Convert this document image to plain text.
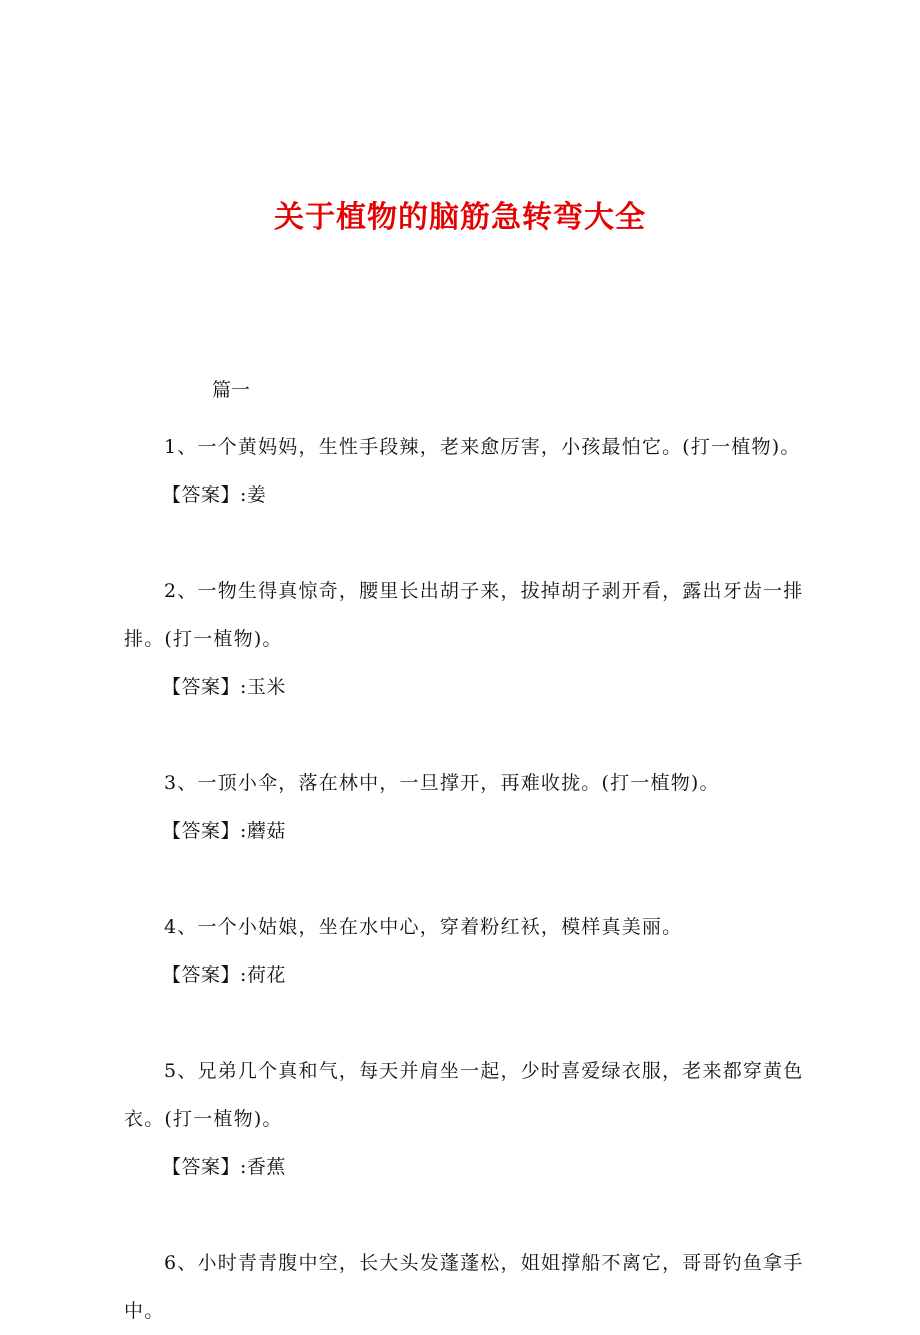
关于植物的脑筋急转弯大全
篇一

1、一个黄妈妈，生性手段辣，老来愈厉害，小孩最怕它。(打一植物)。

【答案】:姜

2、一物生得真惊奇，腰里长出胡子来，拔掉胡子剥开看，露出牙齿一排排。(打一植物)。

【答案】:玉米

3、一顶小伞，落在林中，一旦撑开，再难收拢。(打一植物)。

【答案】:蘑菇

4、一个小姑娘，坐在水中心，穿着粉红袄，模样真美丽。

【答案】:荷花

5、兄弟几个真和气，每天并肩坐一起，少时喜爱绿衣服，老来都穿黄色衣。(打一植物)。

【答案】:香蕉

6、小时青青腹中空，长大头发蓬蓬松，姐姐撑船不离它，哥哥钓鱼拿手中。
